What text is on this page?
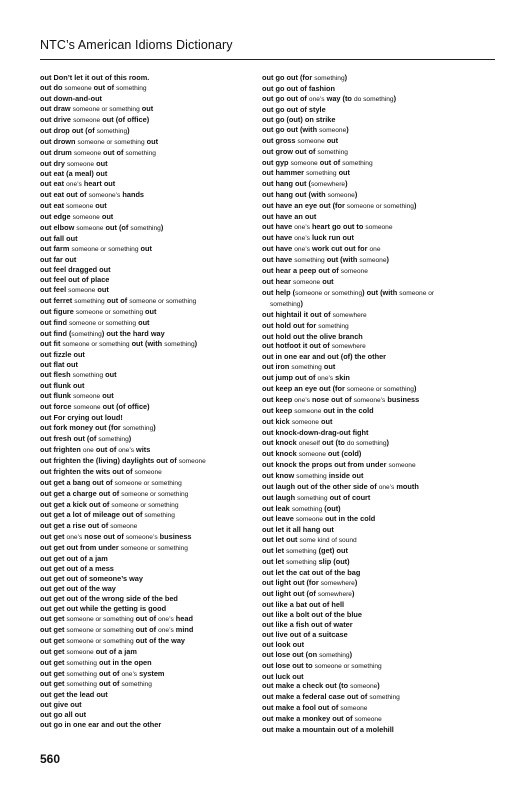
NTC’s American Idioms Dictionary
out Don’t let it out of this room.
out do someone out of something
out down-and-out
out draw someone or something out
out drive someone out (of office)
out drop out (of something)
out drown someone or something out
out drum someone out of something
out dry someone out
out eat (a meal) out
out eat one’s heart out
out eat out of someone’s hands
out eat someone out
out edge someone out
out elbow someone out (of something)
out fall out
out farm someone or something out
out far out
out feel dragged out
out feel out of place
out feel someone out
out ferret something out of someone or something
out figure someone or something out
out find someone or something out
out find (something) out the hard way
out fit someone or something out (with something)
out fizzle out
out flat out
out flesh something out
out flunk out
out flunk someone out
out force someone out (of office)
out For crying out loud!
out fork money out (for something)
out fresh out (of something)
out frighten one out of one’s wits
out frighten the (living) daylights out of someone
out frighten the wits out of someone
out get a bang out of someone or something
out get a charge out of someone or something
out get a kick out of someone or something
out get a lot of mileage out of something
out get a rise out of someone
out get one’s nose out of someone’s business
out get out from under someone or something
out get out of a jam
out get out of a mess
out get out of someone’s way
out get out of the way
out get out of the wrong side of the bed
out get out while the getting is good
out get someone or something out of one’s head
out get someone or something out of one’s mind
out get someone or something out of the way
out get someone out of a jam
out get something out in the open
out get something out of one’s system
out get something out of something
out get the lead out
out give out
out go all out
out go in one ear and out the other
out go out (for something)
out go out of fashion
out go out of one’s way (to do something)
out go out of style
out go (out) on strike
out go out (with someone)
out gross someone out
out grow out of something
out gyp someone out of something
out hammer something out
out hang out (somewhere)
out hang out (with someone)
out have an eye out (for someone or something)
out have an out
out have one’s heart go out to someone
out have one’s luck run out
out have one’s work cut out for one
out have something out (with someone)
out hear a peep out of someone
out hear someone out
out help (someone or something) out (with someone or
something)
out hightail it out of somewhere
out hold out for something
out hold out the olive branch
out hotfoot it out of somewhere
out in one ear and out (of) the other
out iron something out
out jump out of one’s skin
out keep an eye out (for someone or something)
out keep one’s nose out of someone’s business
out keep someone out in the cold
out kick someone out
out knock-down-drag-out fight
out knock oneself out (to do something)
out knock someone out (cold)
out knock the props out from under someone
out know something inside out
out laugh out of the other side of one’s mouth
out laugh something out of court
out leak something (out)
out leave someone out in the cold
out let it all hang out
out let out some kind of sound
out let something (get) out
out let something slip (out)
out let the cat out of the bag
out light out (for somewhere)
out light out (of somewhere)
out like a bat out of hell
out like a bolt out of the blue
out like a fish out of water
out live out of a suitcase
out look out
out lose out (on something)
out lose out to someone or something
out luck out
out make a check out (to someone)
out make a federal case out of something
out make a fool out of someone
out make a monkey out of someone
out make a mountain out of a molehill
560
